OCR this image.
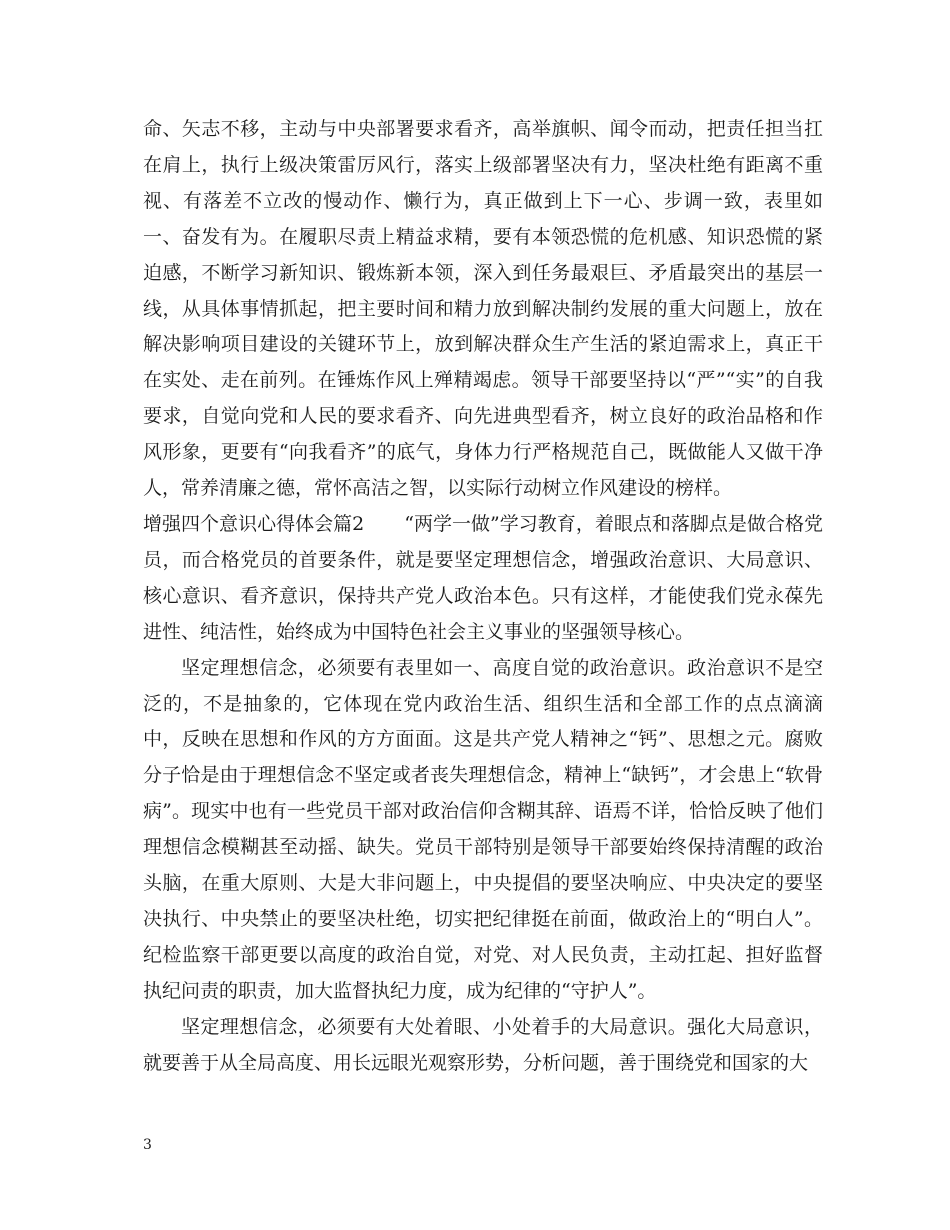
命、矢志不移，主动与中央部署要求看齐，高举旗帜、闻令而动，把责任担当扛在肩上，执行上级决策雷厉风行，落实上级部署坚决有力，坚决杜绝有距离不重视、有落差不立改的慢动作、懒行为，真正做到上下一心、步调一致，表里如一、奋发有为。在履职尽责上精益求精，要有本领恐慌的危机感、知识恐慌的紧迫感，不断学习新知识、锻炼新本领，深入到任务最艰巨、矛盾最突出的基层一线，从具体事情抓起，把主要时间和精力放到解决制约发展的重大问题上，放在解决影响项目建设的关键环节上，放到解决群众生产生活的紧迫需求上，真正干在实处、走在前列。在锤炼作风上殚精竭虑。领导干部要坚持以“严”“实”的自我要求，自觉向党和人民的要求看齐、向先进典型看齐，树立良好的政治品格和作风形象，更要有“向我看齐”的底气，身体力行严格规范自己，既做能人又做干净人，常养清廉之德，常怀高洁之智，以实际行动树立作风建设的榜样。

增强四个意识心得体会篇2 “两学一做”学习教育，着眼点和落脚点是做合格党员，而合格党员的首要条件，就是要坚定理想信念，增强政治意识、大局意识、核心意识、看齐意识，保持共产党人政治本色。只有这样，才能使我们党永葆先进性、纯洁性，始终成为中国特色社会主义事业的坚强领导核心。

坚定理想信念，必须要有表里如一、高度自觉的政治意识。政治意识不是空泛的，不是抽象的，它体现在党内政治生活、组织生活和全部工作的点点滴滴中，反映在思想和作风的方方面面。这是共产党人精神之“钙”、思想之元。腐败分子恰是由于理想信念不坚定或者丧失理想信念，精神上“缺钙”，才会患上“软骨病”。现实中也有一些党员干部对政治信仰含糊其辞、语焉不详，恰恰反映了他们理想信念模糊甚至动摇、缺失。党员干部特别是领导干部要始终保持清醒的政治头脑，在重大原则、大是大非问题上，中央提倡的要坚决响应、中央决定的要坚决执行、中央禁止的要坚决杜绝，切实把纪律挺在前面，做政治上的“明白人”。纪检监察干部更要以高度的政治自觉，对党、对人民负责，主动扛起、担好监督执纪问责的职责，加大监督执纪力度，成为纪律的“守护人”。

坚定理想信念，必须要有大处着眼、小处着手的大局意识。强化大局意识，就要善于从全局高度、用长远眼光观察形势，分析问题，善于围绕党和国家的大

3
